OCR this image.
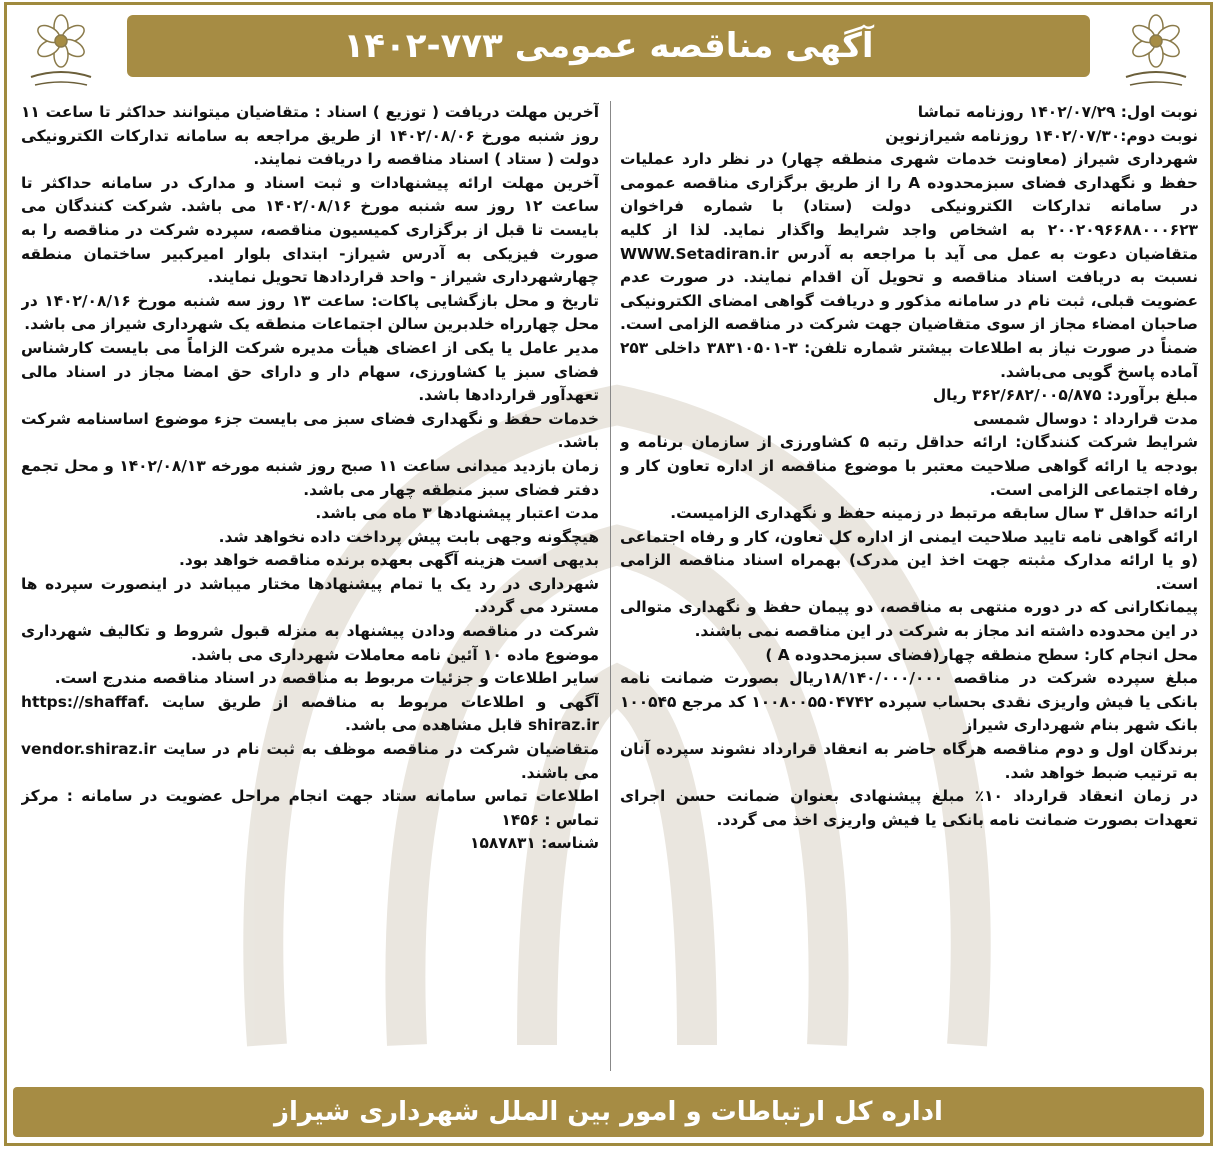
آگهی مناقصه عمومی ۷۷۳-۱۴۰۲

نوبت اول: ۱۴۰۲/۰۷/۲۹ روزنامه تماشا

نوبت دوم:۱۴۰۲/۰۷/۳۰ روزنامه شیرازنوین

شهرداری شیراز (معاونت خدمات شهری منطقه چهار) در نظر دارد عملیات حفظ و نگهداری فضای سبزمحدوده A را از طریق برگزاری مناقصه عمومی در سامانه تدارکات الکترونیکی دولت (ستاد) با شماره فراخوان ۲۰۰۲۰۹۶۶۸۸۰۰۰۶۲۳ به اشخاص واجد شرایط واگذار نماید. لذا از کلیه متقاضیان دعوت به عمل می آید با مراجعه به آدرس WWW.Setadiran.ir نسبت به دریافت اسناد مناقصه و تحویل آن اقدام نمایند. در صورت عدم عضویت قبلی، ثبت نام در سامانه مذکور و دریافت گواهی امضای الکترونیکی صاحبان امضاء مجاز از سوی متقاضیان جهت شرکت در مناقصه الزامی است. ضمناً در صورت نیاز به اطلاعات بیشتر شماره تلفن: ۳-۳۸۳۱۰۵۰۱ داخلی ۲۵۳ آماده پاسخ گویی می‌باشد.

مبلغ برآورد: ۳۶۲/۶۸۲/۰۰۵/۸۷۵ ریال

مدت قرارداد : دوسال شمسی

شرایط شرکت کنندگان: ارائه حداقل رتبه ۵ کشاورزی از سازمان برنامه و بودجه یا ارائه گواهی صلاحیت معتبر با موضوع مناقصه از اداره تعاون کار و رفاه اجتماعی الزامی است.

ارائه حداقل ۳ سال سابقه مرتبط در زمینه حفظ و نگهداری الزامیست.

ارائه گواهی نامه تایید صلاحیت ایمنی از اداره کل تعاون، کار و رفاه اجتماعی (و یا ارائه مدارک مثبته جهت اخذ این مدرک) بهمراه اسناد مناقصه الزامی است.

پیمانکارانی که در دوره منتهی به مناقصه، دو پیمان حفظ و نگهداری متوالی در این محدوده داشته اند مجاز به شرکت در این مناقصه نمی باشند.

محل انجام کار: سطح منطقه چهار(فضای سبزمحدوده A )

مبلغ سپرده شرکت در مناقصه ۱۸/۱۴۰/۰۰۰/۰۰۰ریال بصورت ضمانت نامه بانکی یا فیش واریزی نقدی بحساب سپرده ۱۰۰۸۰۰۵۵۰۴۷۴۲ کد مرجع ۱۰۰۵۴۵ بانک شهر بنام شهرداری شیراز

برندگان اول و دوم مناقصه هرگاه حاضر به انعقاد قرارداد نشوند سپرده آنان به ترتیب ضبط خواهد شد.

در زمان انعقاد قرارداد ۱۰٪ مبلغ پیشنهادی بعنوان ضمانت حسن اجرای تعهدات بصورت ضمانت نامه بانکی یا فیش واریزی اخذ می گردد.

آخرین مهلت دریافت ( توزیع ) اسناد : متقاضیان میتوانند حداکثر تا ساعت ۱۱ روز شنبه مورخ ۱۴۰۲/۰۸/۰۶ از طریق مراجعه به سامانه تدارکات الکترونیکی دولت ( ستاد ) اسناد مناقصه را دریافت نمایند.

آخرین مهلت ارائه پیشنهادات و ثبت اسناد و مدارک در سامانه حداکثر تا ساعت ۱۲ روز سه شنبه مورخ ۱۴۰۲/۰۸/۱۶ می باشد. شرکت کنندگان می بایست تا قبل از برگزاری کمیسیون مناقصه، سپرده شرکت در مناقصه را به صورت فیزیکی به آدرس شیراز- ابتدای بلوار امیرکبیر ساختمان منطقه چهارشهرداری شیراز - واحد قراردادها تحویل نمایند.

تاریخ و محل بازگشایی پاکات: ساعت ۱۳ روز سه شنبه مورخ ۱۴۰۲/۰۸/۱۶ در محل چهارراه خلدبرین سالن اجتماعات منطقه یک شهرداری شیراز می باشد.

مدیر عامل یا یکی از اعضای هیأت مدیره شرکت الزاماً می بایست کارشناس فضای سبز یا کشاورزی، سهام دار و دارای حق امضا مجاز در اسناد مالی تعهدآور قراردادها باشد.

خدمات حفظ و نگهداری فضای سبز می بایست جزء موضوع اساسنامه شرکت باشد.

زمان بازدید میدانی ساعت ۱۱ صبح روز شنبه مورخه ۱۴۰۲/۰۸/۱۳ و محل تجمع دفتر فضای سبز منطقه چهار می باشد.

مدت اعتبار پیشنهادها ۳ ماه می باشد.

هیچگونه وجهی بابت پیش پرداخت داده نخواهد شد.

بدیهی است هزینه آگهی بعهده برنده مناقصه خواهد بود.

شهرداری در رد یک یا تمام پیشنهادها مختار میباشد در اینصورت سپرده ها مسترد می گردد.

شرکت در مناقصه ودادن پیشنهاد به منزله قبول شروط و تکالیف شهرداری موضوع ماده ۱۰ آئین نامه معاملات شهرداری می باشد.

سایر اطلاعات و جزئیات مربوط به مناقصه در اسناد مناقصه مندرج است.

آگهی و اطلاعات مربوط به مناقصه از طریق سایت https://shaffaf. shiraz.ir قابل مشاهده می باشد.

متقاضیان شرکت در مناقصه موظف به ثبت نام در سایت vendor.shiraz.ir می باشند.

اطلاعات تماس سامانه ستاد جهت انجام مراحل عضویت در سامانه : مرکز تماس : ۱۴۵۶

شناسه: ۱۵۸۷۸۳۱

اداره کل ارتباطات و امور بین الملل شهرداری شیراز
